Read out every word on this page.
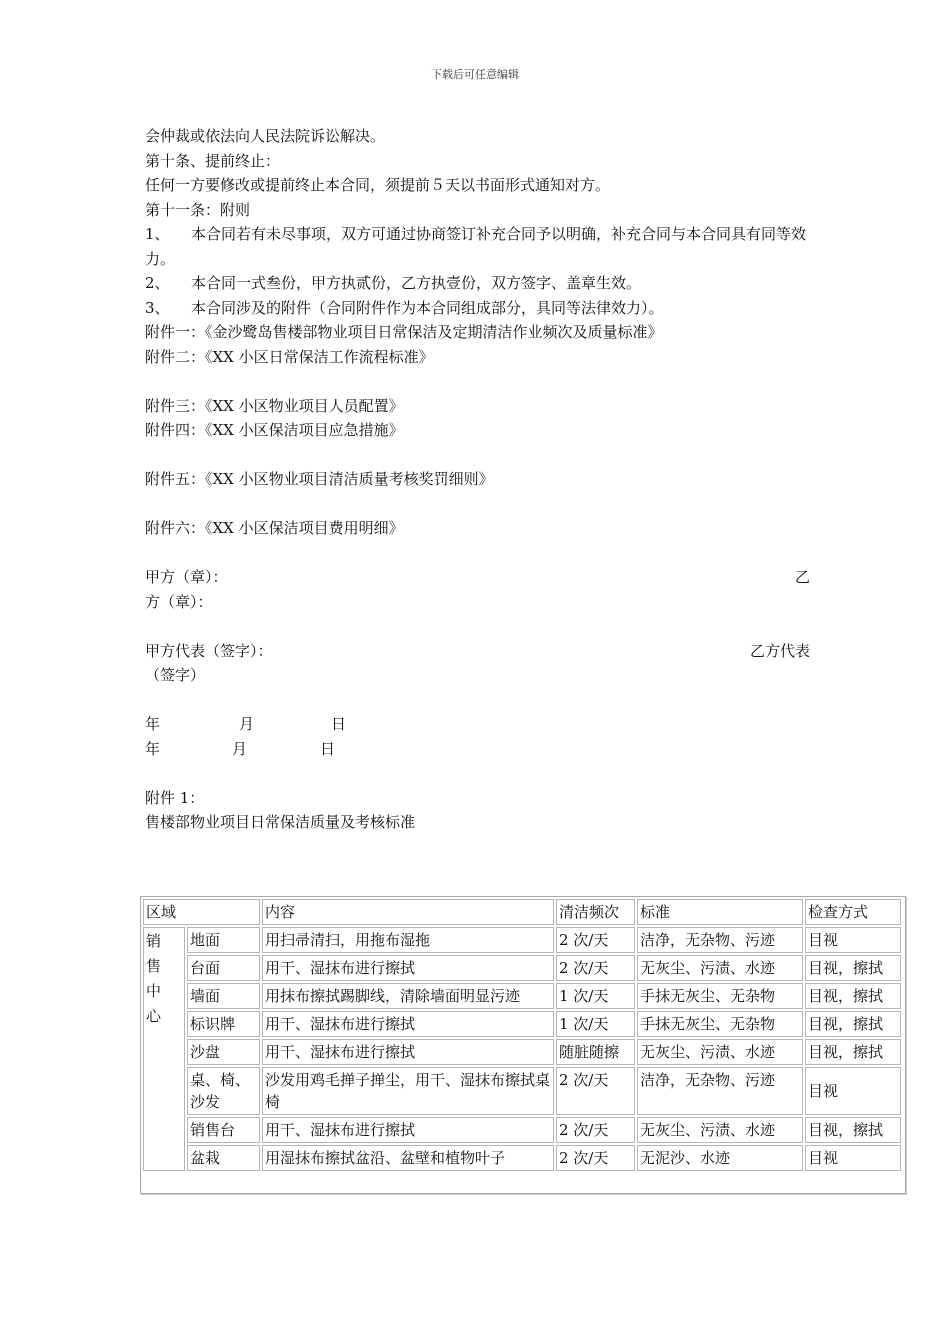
下载后可任意编辑
会仲裁或依法向人民法院诉讼解决。
第十条、提前终止：
任何一方要修改或提前终止本合同，须提前５天以书面形式通知对方。
第十一条：附则
1、 本合同若有未尽事项，双方可通过协商签订补充合同予以明确，补充合同与本合同具有同等效力。
2、 本合同一式叁份，甲方执贰份，乙方执壹份，双方签字、盖章生效。
3、 本合同涉及的附件（合同附件作为本合同组成部分，具同等法律效力）。
附件一：《金沙鹭岛售楼部物业项目日常保洁及定期清洁作业频次及质量标准》
附件二：《XX 小区日常保洁工作流程标准》
附件三：《XX 小区物业项目人员配置》
附件四：《XX 小区保洁项目应急措施》
附件五：《XX 小区物业项目清洁质量考核奖罚细则》
附件六：《XX 小区保洁项目费用明细》
甲方（章）：	乙
方（章）：
甲方代表（签字）：	乙方代表
（签字）
年	月	日
年	月	日
附件 1：
售楼部物业项目日常保洁质量及考核标准
区域		内容	清洁频次	标准	检查方式

销售中心	地面	用扫帚清扫，用拖布湿拖	2 次/天	洁净，无杂物、污迹	目视
	台面	用干、湿抹布进行擦拭	2 次/天	无灰尘、污渍、水迹	目视，擦拭
	墙面	用抹布擦拭踢脚线，清除墙面明显污迹	1 次/天	手抹无灰尘、无杂物	目视，擦拭
	标识牌	用干、湿抹布进行擦拭	1 次/天	手抹无灰尘、无杂物	目视，擦拭
	沙盘	用干、湿抹布进行擦拭	随脏随擦	无灰尘、污渍、水迹	目视，擦拭
	桌、椅、沙发	沙发用鸡毛掸子掸尘，用干、湿抹布擦拭桌椅	2 次/天	洁净，无杂物、污迹	目视
	销售台	用干、湿抹布进行擦拭	2 次/天	无灰尘、污渍、水迹	目视，擦拭
	盆栽	用湿抹布擦拭盆沿、盆壁和植物叶子	2 次/天	无泥沙、水迹	目视
